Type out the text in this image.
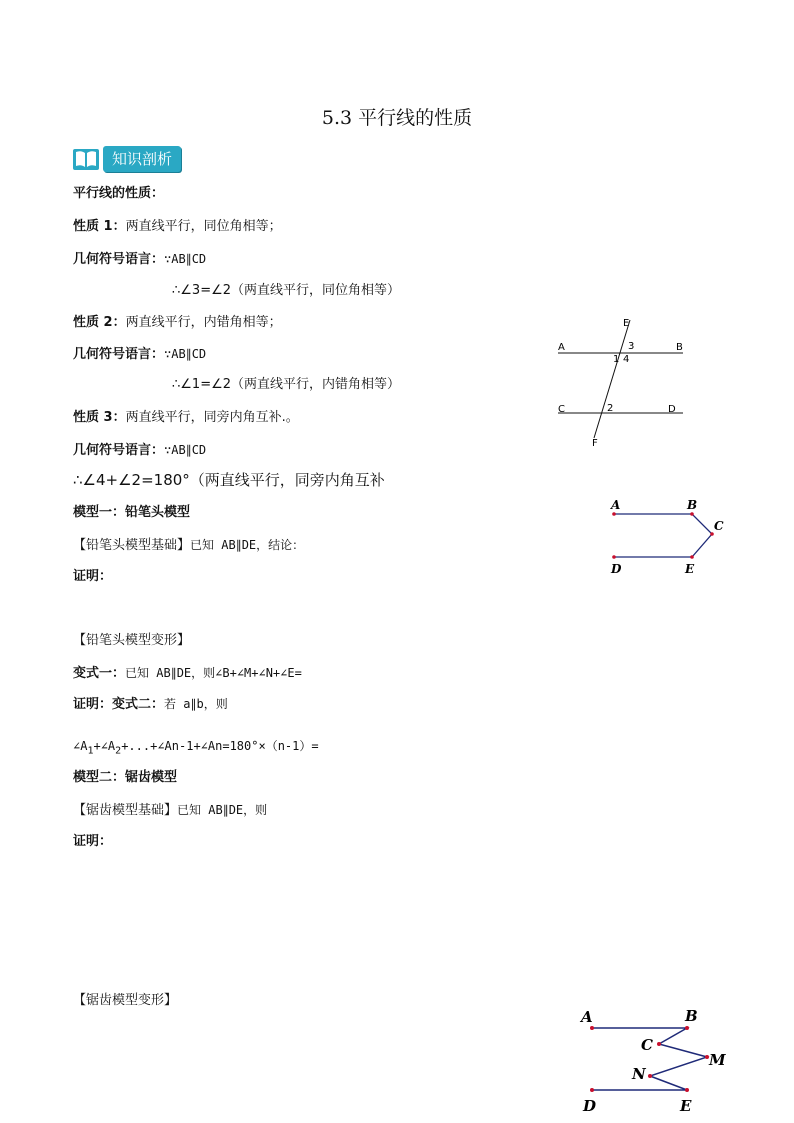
5.3 平行线的性质
知识剖析
平行线的性质：
性质 1：两直线平行，同位角相等；
几何符号语言：∵AB∥CD
∴∠3=∠2（两直线平行，同位角相等）
性质 2：两直线平行，内错角相等；
几何符号语言：∵AB∥CD
∴∠1=∠2（两直线平行，内错角相等）
性质 3：两直线平行，同旁内角互补.。
几何符号语言：∵AB∥CD
∴∠4+∠2=180°（两直线平行，同旁内角互补
模型一：铅笔头模型
【铅笔头模型基础】已知 AB∥DE，结论：
证明：
【铅笔头模型变形】
变式一：已知 AB∥DE，则∠B+∠M+∠N+∠E=
证明：变式二：若 a∥b，则
$\angle A_1+\angle A_2+...+\angle An-1+\angle An=180^\circ\times(n-1)=$
模型二：锯齿模型
【锯齿模型基础】已知 AB∥DE，则
证明：
【锯齿模型变形】
E
A	B
3
1 4
C	D
2
F
A	B
C
D	E
A	B
C
M
N
D	E
